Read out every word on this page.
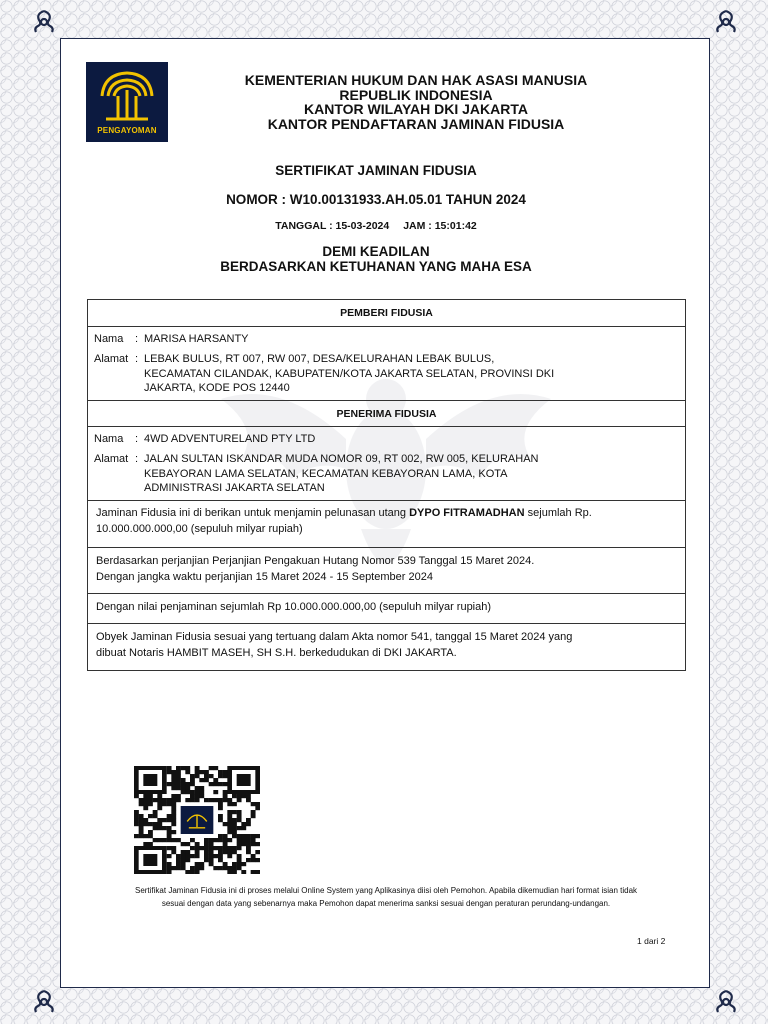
PENGAYOMAN
KEMENTERIAN HUKUM DAN HAK ASASI MANUSIA
REPUBLIK INDONESIA
KANTOR WILAYAH DKI JAKARTA
KANTOR PENDAFTARAN JAMINAN FIDUSIA
SERTIFIKAT JAMINAN FIDUSIA
NOMOR : W10.00131933.AH.05.01 TAHUN 2024
TANGGAL : 15-03-2024 JAM : 15:01:42
DEMI KEADILAN
BERDASARKAN KETUHANAN YANG MAHA ESA
PEMBERI FIDUSIA
Nama : MARISA HARSANTY
Alamat : LEBAK BULUS, RT 007, RW 007, DESA/KELURAHAN LEBAK BULUS,
KECAMATAN CILANDAK, KABUPATEN/KOTA JAKARTA SELATAN, PROVINSI DKI
JAKARTA, KODE POS 12440
PENERIMA FIDUSIA
Nama : 4WD ADVENTURELAND PTY LTD
Alamat : JALAN SULTAN ISKANDAR MUDA NOMOR 09, RT 002, RW 005, KELURAHAN
KEBAYORAN LAMA SELATAN, KECAMATAN KEBAYORAN LAMA, KOTA
ADMINISTRASI JAKARTA SELATAN
Jaminan Fidusia ini di berikan untuk menjamin pelunasan utang DYPO FITRAMADHAN sejumlah Rp.
10.000.000.000,00 (sepuluh milyar rupiah)
Berdasarkan perjanjian Perjanjian Pengakuan Hutang Nomor 539 Tanggal 15 Maret 2024.
Dengan jangka waktu perjanjian 15 Maret 2024 - 15 September 2024
Dengan nilai penjaminan sejumlah Rp 10.000.000.000,00 (sepuluh milyar rupiah)
Obyek Jaminan Fidusia sesuai yang tertuang dalam Akta nomor 541, tanggal 15 Maret 2024 yang
dibuat Notaris HAMBIT MASEH, SH S.H. berkedudukan di DKI JAKARTA.
Sertifikat Jaminan Fidusia ini di proses melalui Online System yang Aplikasinya diisi oleh Pemohon. Apabila dikemudian hari format isian tidak
sesuai dengan data yang sebenarnya maka Pemohon dapat menerima sanksi sesuai dengan peraturan perundang-undangan.
1 dari 2
